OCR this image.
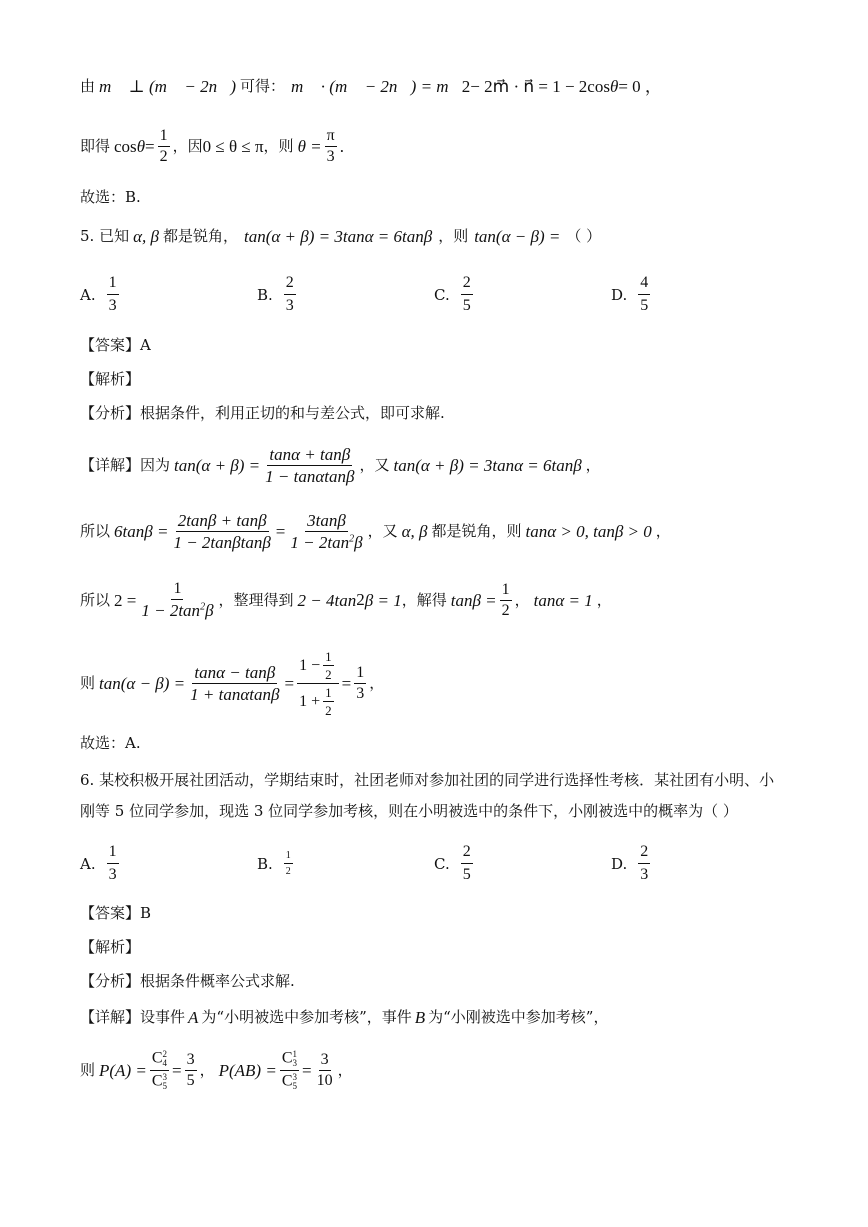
由 m⃗ ⊥ (m⃗ − 2n⃗) 可得： m⃗ · (m⃗ − 2n⃗) = m⃗ 2 − 2m⃗ · n⃗ = 1 − 2cos θ = 0 ，
即得 $\cos \theta = \frac{1}{2}$ ，因 0 ≤ θ ≤ π ，则 $\theta = \frac{\pi}{3}$ .
故选：B.
5. 已知 α, β 都是锐角， tan(α + β) = 3tanα = 6tanβ ，则 tan(α − β) = （ ）
A. $\frac{1}{3}$	B. $\frac{2}{3}$	C. $\frac{2}{5}$	D. $\frac{4}{5}$
【答案】A
【解析】
【分析】根据条件，利用正切的和与差公式，即可求解.
【详解】因为 $\tan(\alpha + \beta) = \frac{\tan\alpha + \tan\beta}{1 - \tan\alpha\tan\beta}$ ，又 tan(α + β) = 3tanα = 6tanβ ，
所以 $6\tan\beta = \frac{2\tan\beta + \tan\beta}{1 - 2\tan\beta\tan\beta} = \frac{3\tan\beta}{1 - 2\tan^2\beta}$ ，又 α, β 都是锐角，则 tanα > 0, tanβ > 0 ，
所以 $2 = \frac{1}{1 - 2\tan^2\beta}$ ，整理得到 2 − 4tan 2 β = 1 ，解得 $\tan\beta = \frac{1}{2}$ ， tanα = 1 ，
则 $\tan(\alpha - \beta) = \frac{\tan\alpha - \tan\beta}{1 + \tan\alpha\tan\beta} = \frac{1 - \frac{1}{2}}{1 + \frac{1}{2}} = \frac{1}{3}$ ，
故选：A.
6. 某校积极开展社团活动，学期结束时，社团老师对参加社团的同学进行选择性考核．某社团有小明、小
刚等 5 位同学参加，现选 3 位同学参加考核，则在小明被选中的条件下，小刚被选中的概率为（ ）
A. $\frac{1}{3}$	B. $\frac{1}{2}$	C. $\frac{2}{5}$	D. $\frac{2}{3}$
【答案】B
【解析】
【分析】根据条件概率公式求解.
【详解】设事件 A 为“小明被选中参加考核”，事件 B 为“小刚被选中参加考核”，
则 P(A) = C 2
4
C 3
$5 = \frac{3}{5}$ ， P(AB) = C 1
3
C 3
$5 = \frac{3}{10}$ ，
